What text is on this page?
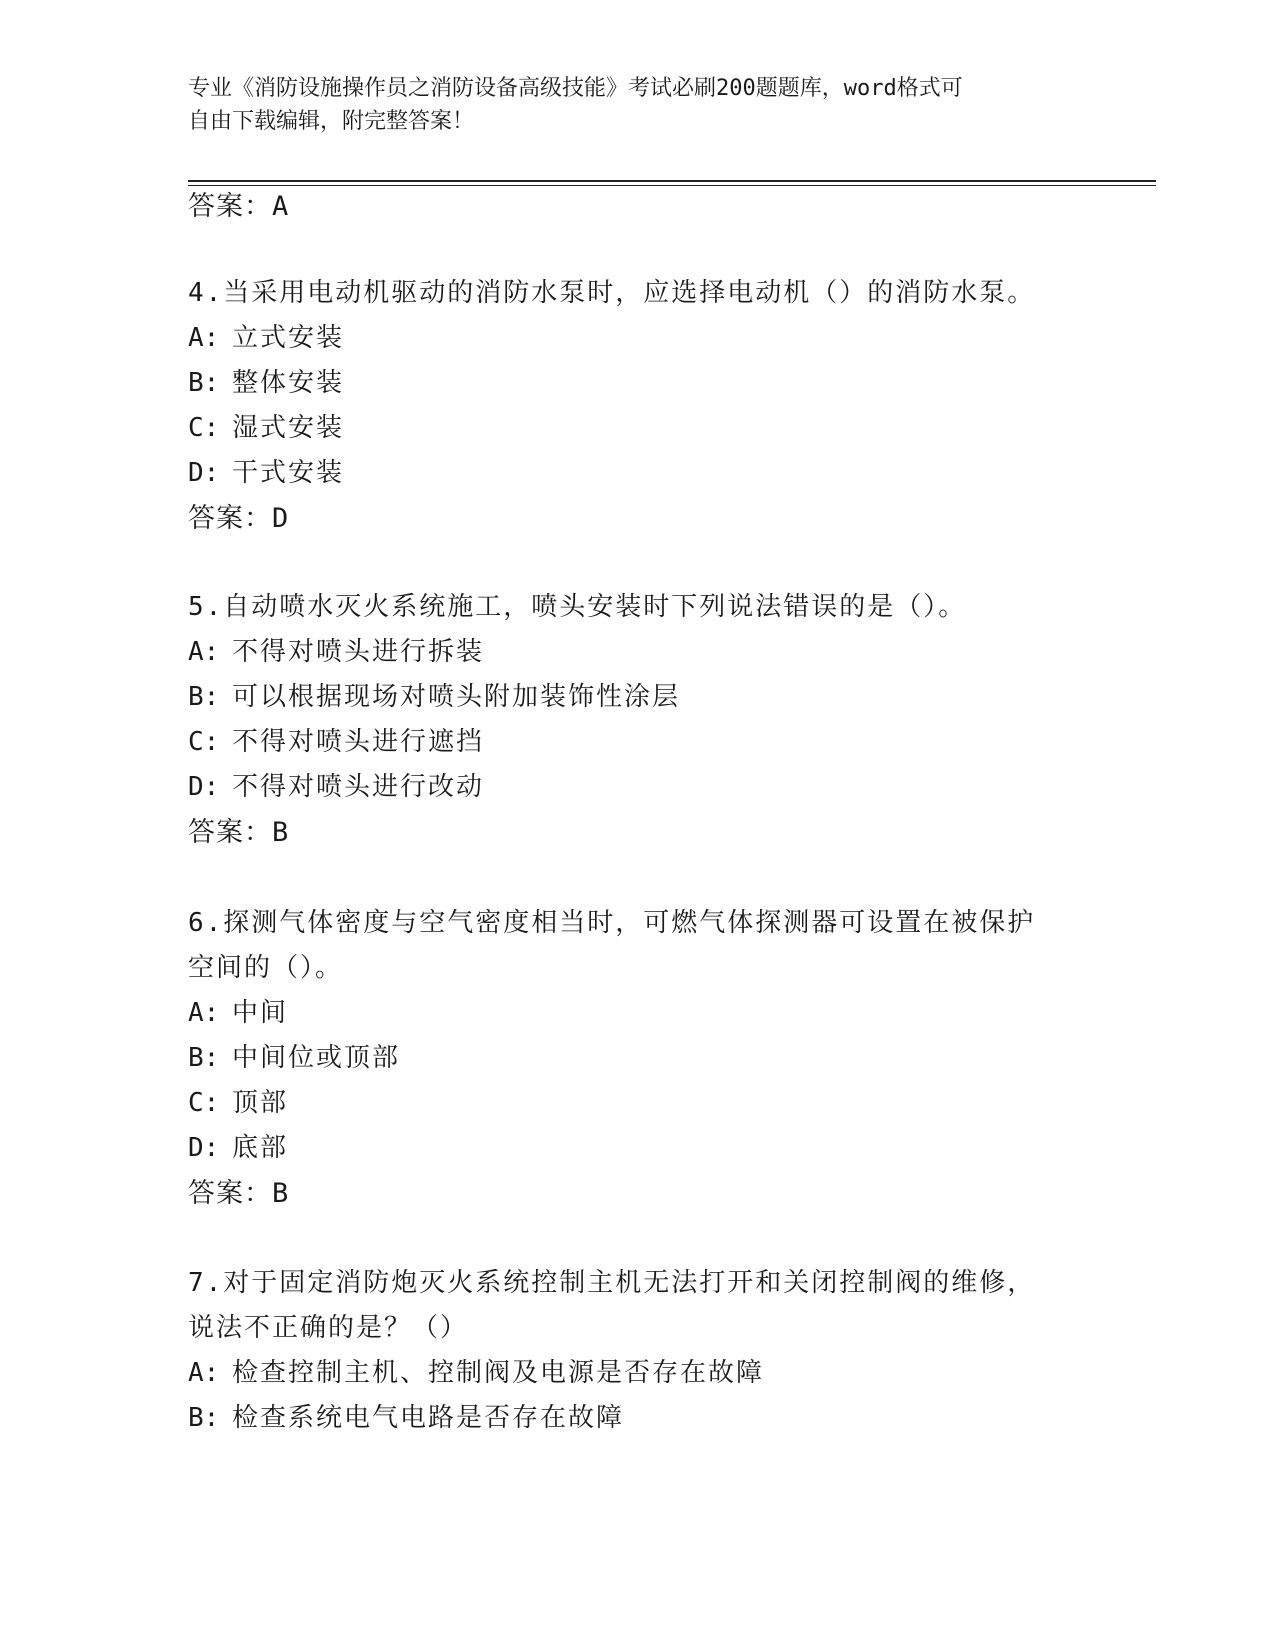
专业《消防设施操作员之消防设备高级技能》考试必刷200题题库，word格式可
自由下载编辑，附完整答案！
答案：A
4.当采用电动机驱动的消防水泵时，应选择电动机（）的消防水泵。
A: 立式安装
B: 整体安装
C: 湿式安装
D: 干式安装
答案：D
5.自动喷水灭火系统施工，喷头安装时下列说法错误的是（）。
A: 不得对喷头进行拆装
B: 可以根据现场对喷头附加装饰性涂层
C: 不得对喷头进行遮挡
D: 不得对喷头进行改动
答案：B
6.探测气体密度与空气密度相当时，可燃气体探测器可设置在被保护
空间的（）。
A: 中间
B: 中间位或顶部
C: 顶部
D: 底部
答案：B
7.对于固定消防炮灭火系统控制主机无法打开和关闭控制阀的维修，
说法不正确的是？（）
A: 检查控制主机、控制阀及电源是否存在故障
B: 检查系统电气电路是否存在故障
